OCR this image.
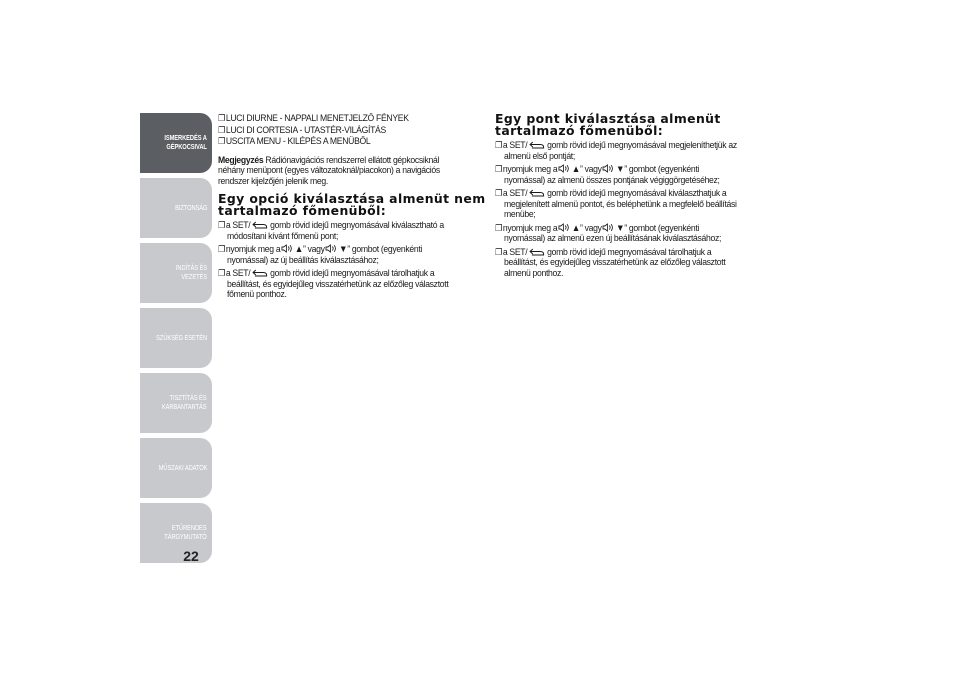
ISMERKEDÉS A
GÉPKOCSIVAL
BIZTONSÁG
INDÍTÁS ÉS VEZETÉS
SZÜKSÉG ESETÉN
TISZTÍTÁS ÉS
KARBANTARTÁS
MŰSZAKI ADATOK
ETŰRENDES
TÁRGYMUTATÓ
22
❐LUCI DIURNE - NAPPALI MENETJELZŐ FÉNYEK
❐LUCI DI CORTESIA - UTASTÉR-VILÁGÍTÁS
❐USCITA MENU - KILÉPÉS A MENÜBŐL
Megjegyzés Rádiónavigációs rendszerrel ellátott gépkocsiknál
néhány menüpont (egyes változatoknál/piacokon) a navigációs
rendszer kijelzőjén jelenik meg.
Egy opció kiválasztása almenüt nem
tartalmazó főmenüből:
❐a SET/ gomb rövid idejű megnyomásával kiválasztható a
módosítani kívánt főmenü pont;
❐nyomjuk meg a ▲” vagy ▼” gombot (egyenkénti
nyomással) az új beállítás kiválasztásához;
❐a SET/ gomb rövid idejű megnyomásával tárolhatjuk a
beállítást, és egyidejűleg visszatérhetünk az előzőleg választott
főmenü ponthoz.
Egy pont kiválasztása almenüt
tartalmazó főmenüből:
❐a SET/ gomb rövid idejű megnyomásával megjeleníthetjük az
almenü első pontját;
❐nyomjuk meg a ▲” vagy ▼” gombot (egyenkénti
nyomással) az almenü összes pontjának végiggörgetéséhez;
❐a SET/ gomb rövid idejű megnyomásával kiválaszthatjuk a
megjelenített almenü pontot, és beléphetünk a megfelelő beállítási
menübe;
❐nyomjuk meg a ▲” vagy ▼” gombot (egyenkénti
nyomással) az almenü ezen új beállításának kiválasztásához;
❐a SET/ gomb rövid idejű megnyomásával tárolhatjuk a
beállítást, és egyidejűleg visszatérhetünk az előzőleg választott
almenü ponthoz.
